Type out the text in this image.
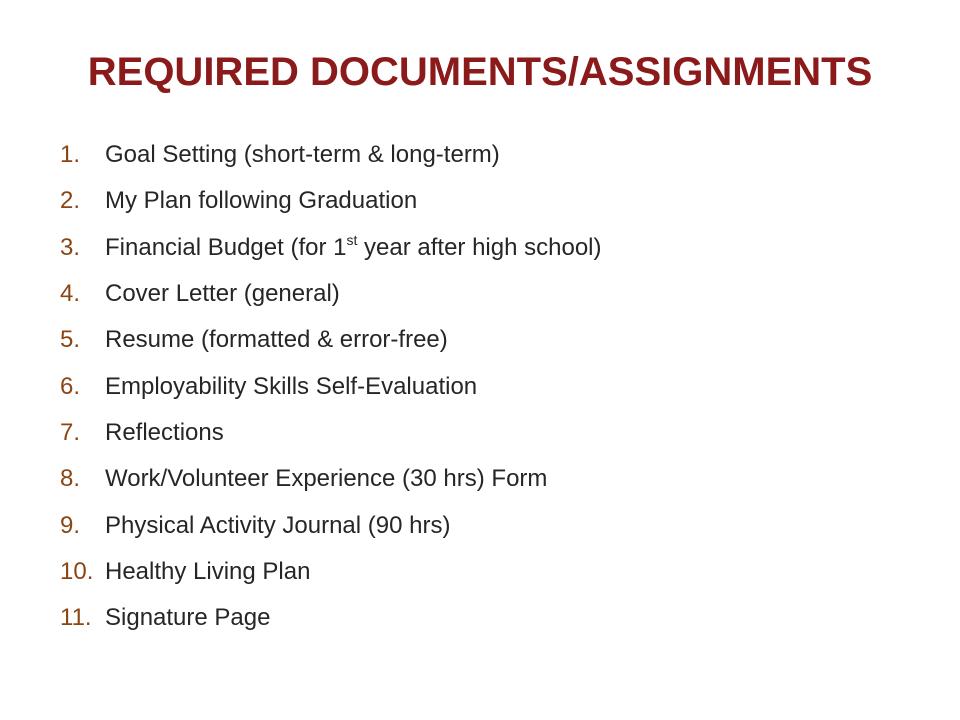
REQUIRED DOCUMENTS/ASSIGNMENTS
1.	Goal Setting (short-term & long-term)
2.	My Plan following Graduation
3.	Financial Budget (for 1st year after high school)
4.	Cover Letter (general)
5.	Resume (formatted & error-free)
6.	Employability Skills Self-Evaluation
7.	Reflections
8.	Work/Volunteer Experience (30 hrs) Form
9.	Physical Activity Journal (90 hrs)
10. Healthy Living Plan
11. Signature Page
